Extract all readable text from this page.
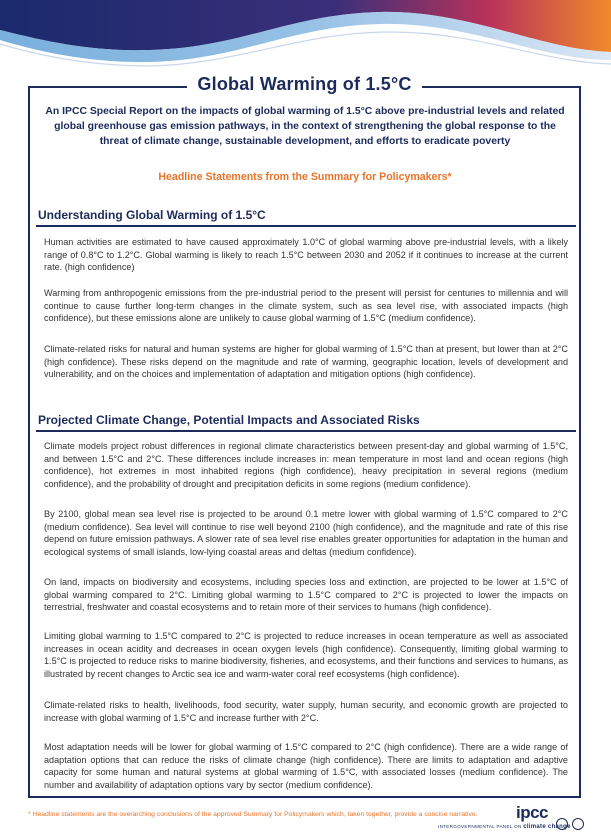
Global Warming of 1.5°C
An IPCC Special Report on the impacts of global warming of 1.5°C above pre-industrial levels and related global greenhouse gas emission pathways, in the context of strengthening the global response to the threat of climate change, sustainable development, and efforts to eradicate poverty
Headline Statements from the Summary for Policymakers*
Understanding Global Warming of 1.5°C

Human activities are estimated to have caused approximately 1.0°C of global warming above pre-industrial levels, with a likely range of 0.8°C to 1.2°C. Global warming is likely to reach 1.5°C between 2030 and 2052 if it continues to increase at the current rate. (high confidence)

Warming from anthropogenic emissions from the pre-industrial period to the present will persist for centuries to millennia and will continue to cause further long-term changes in the climate system, such as sea level rise, with associated impacts (high confidence), but these emissions alone are unlikely to cause global warming of 1.5°C (medium confidence).

Climate-related risks for natural and human systems are higher for global warming of 1.5°C than at present, but lower than at 2°C (high confidence). These risks depend on the magnitude and rate of warming, geographic location, levels of development and vulnerability, and on the choices and implementation of adaptation and mitigation options (high confidence).

Projected Climate Change, Potential Impacts and Associated Risks

Climate models project robust differences in regional climate characteristics between present-day and global warming of 1.5°C, and between 1.5°C and 2°C. These differences include increases in: mean temperature in most land and ocean regions (high confidence), hot extremes in most inhabited regions (high confidence), heavy precipitation in several regions (medium confidence), and the probability of drought and precipitation deficits in some regions (medium confidence).

By 2100, global mean sea level rise is projected to be around 0.1 metre lower with global warming of 1.5°C compared to 2°C (medium confidence). Sea level will continue to rise well beyond 2100 (high confidence), and the magnitude and rate of this rise depend on future emission pathways. A slower rate of sea level rise enables greater opportunities for adaptation in the human and ecological systems of small islands, low-lying coastal areas and deltas (medium confidence).

On land, impacts on biodiversity and ecosystems, including species loss and extinction, are projected to be lower at 1.5°C of global warming compared to 2°C. Limiting global warming to 1.5°C compared to 2°C is projected to lower the impacts on terrestrial, freshwater and coastal ecosystems and to retain more of their services to humans (high confidence).

Limiting global warming to 1.5°C compared to 2°C is projected to reduce increases in ocean temperature as well as associated increases in ocean acidity and decreases in ocean oxygen levels (high confidence). Consequently, limiting global warming to 1.5°C is projected to reduce risks to marine biodiversity, fisheries, and ecosystems, and their functions and services to humans, as illustrated by recent changes to Arctic sea ice and warm-water coral reef ecosystems (high confidence).

Climate-related risks to health, livelihoods, food security, water supply, human security, and economic growth are projected to increase with global warming of 1.5°C and increase further with 2°C.

Most adaptation needs will be lower for global warming of 1.5°C compared to 2°C (high confidence). There are a wide range of adaptation options that can reduce the risks of climate change (high confidence). There are limits to adaptation and adaptive capacity for some human and natural systems at global warming of 1.5°C, with associated losses (medium confidence). The number and availability of adaptation options vary by sector (medium confidence).

* Headline statements are the overarching conclusions of the approved Summary for Policymakers which, taken together, provide a concise narrative. ipcc
INTERGOVERNMENTAL PANEL ON climate change
